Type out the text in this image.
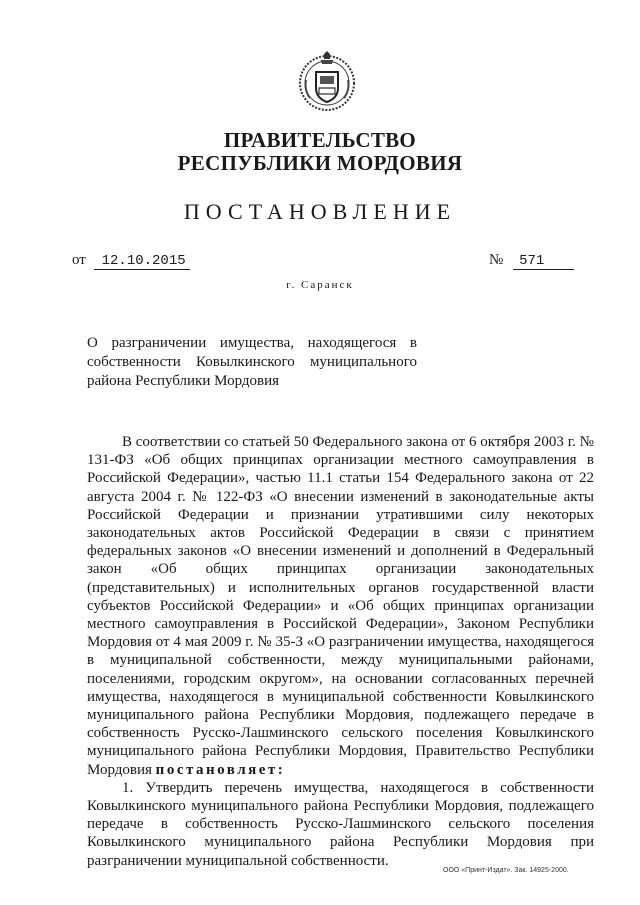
ПРАВИТЕЛЬСТВО
РЕСПУБЛИКИ МОРДОВИЯ
ПОСТАНОВЛЕНИЕ
от 12.10.2015	№ 571
г. Саранск
О разграничении имущества, находящегося в собственности Ковылкинского муниципального района Республики Мордовия

В соответствии со статьей 50 Федерального закона от 6 октября 2003 г. № 131-ФЗ «Об общих принципах организации местного самоуправления в Российской Федерации», частью 11.1 статьи 154 Федерального закона от 22 августа 2004 г. № 122-ФЗ «О внесении изменений в законодательные акты Российской Федерации и признании утратившими силу некоторых законодательных актов Российской Федерации в связи с принятием федеральных законов «О внесении изменений и дополнений в Федеральный закон «Об общих принципах организации законодательных (представительных) и исполнительных органов государственной власти субъектов Российской Федерации» и «Об общих принципах организации местного самоуправления в Российской Федерации», Законом Республики Мордовия от 4 мая 2009 г. № 35-З «О разграничении имущества, находящегося в муниципальной собственности, между муниципальными районами, поселениями, городским округом», на основании согласованных перечней имущества, находящегося в муниципальной собственности Ковылкинского муниципального района Республики Мордовия, подлежащего передаче в собственность Русско-Лашминского сельского поселения Ковылкинского муниципального района Республики Мордовия, Правительство Республики Мордовия постановляет:

1. Утвердить перечень имущества, находящегося в собственности Ковылкинского муниципального района Республики Мордовия, подлежащего передаче в собственность Русско-Лашминского сельского поселения Ковылкинского муниципального района Республики Мордовия при разграничении муниципальной собственности.

ООО «Принт-Издат». Зак. 14925-2000.
